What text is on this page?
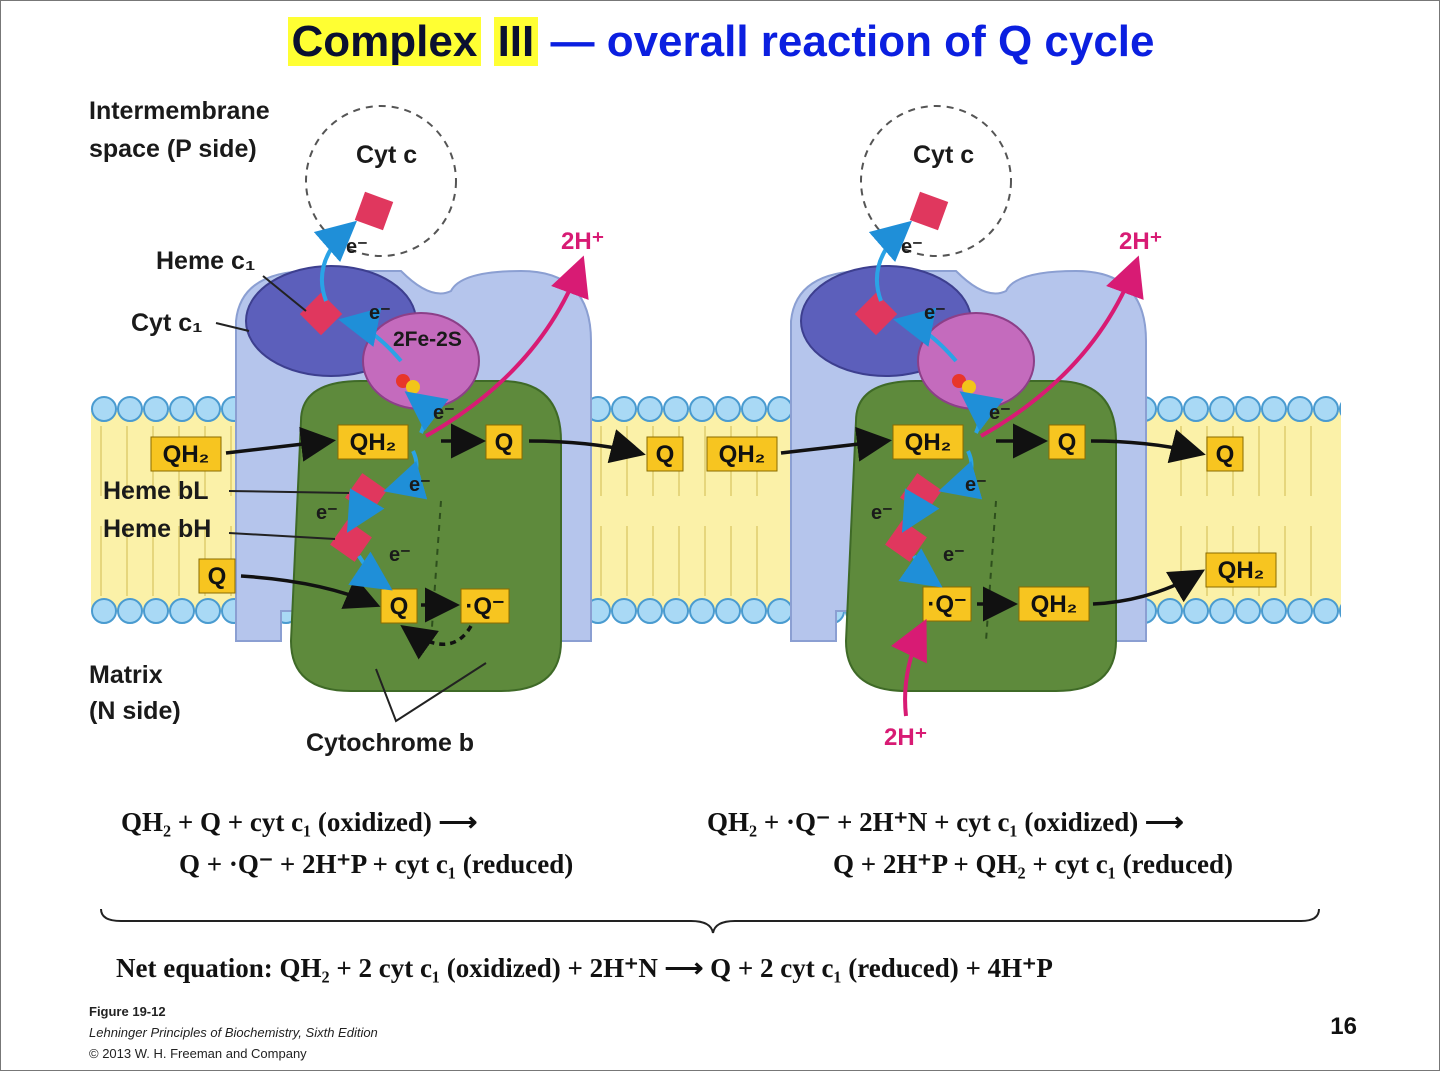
Complex III — overall reaction of Q cycle
QH₂	QH₂	Q
Q
Q ·Q⁻
Q QH₂	QH₂	Q	Q
·Q⁻	QH₂
QH₂
Intermembrane
space (P side)
Matrix
(N side)
Cyt c	Cyt c
Heme c₁
Cyt c₁
2Fe-2S
Heme bL
Heme bH
Cytochrome b
2H⁺	2H⁺
2H⁺
e⁻
e⁻
e⁻
e⁻
e⁻
e⁻
e⁻
e⁻
e⁻
e⁻
e⁻
e⁻
QH₂ + Q + cyt c₁ (oxidized) ⟶
Q + ·Q⁻ + 2H⁺P + cyt c₁ (reduced)
QH₂ + ·Q⁻ + 2H⁺N + cyt c₁ (oxidized) ⟶
Q + 2H⁺P + QH₂ + cyt c₁ (reduced)
Net equation: QH₂ + 2 cyt c₁ (oxidized) + 2H⁺N ⟶ Q + 2 cyt c₁ (reduced) + 4H⁺P
Figure 19-12
Lehninger Principles of Biochemistry, Sixth Edition
© 2013 W. H. Freeman and Company
16
